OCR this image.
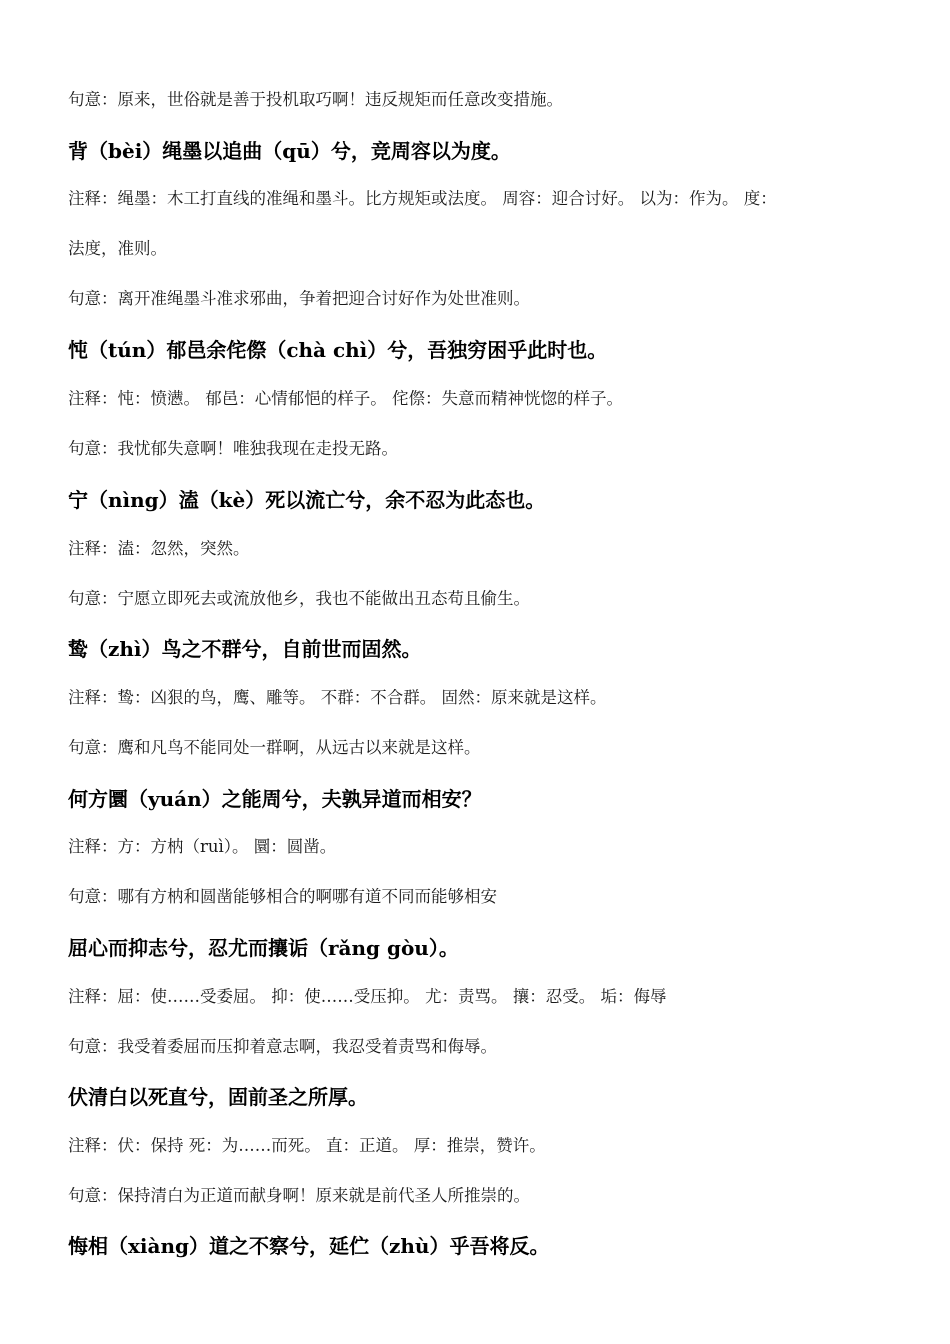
句意：原来，世俗就是善于投机取巧啊！违反规矩而任意改变措施。
背（bèi）绳墨以追曲（qū）兮，竞周容以为度。
注释：绳墨：木工打直线的准绳和墨斗。比方规矩或法度。 周容：迎合讨好。 以为：作为。 度：
法度，准则。
句意：离开准绳墨斗准求邪曲，争着把迎合讨好作为处世准则。
忳（tún）郁邑余侘傺（chà chì）兮，吾独穷困乎此时也。
注释：忳：愤懑。 郁邑：心情郁悒的样子。 侘傺：失意而精神恍惚的样子。
句意：我忧郁失意啊！唯独我现在走投无路。
宁（nìng）溘（kè）死以流亡兮，余不忍为此态也。
注释：溘：忽然，突然。
句意：宁愿立即死去或流放他乡，我也不能做出丑态苟且偷生。
鸷（zhì）鸟之不群兮，自前世而固然。
注释：鸷：凶狠的鸟，鹰、雕等。 不群：不合群。 固然：原来就是这样。
句意：鹰和凡鸟不能同处一群啊，从远古以来就是这样。
何方圜（yuán）之能周兮，夫孰异道而相安？
注释：方：方枘（ruì）。 圜：圆凿。
句意：哪有方枘和圆凿能够相合的啊哪有道不同而能够相安
屈心而抑志兮，忍尤而攘诟（rǎng gòu）。
注释：屈：使……受委屈。 抑：使……受压抑。 尤：责骂。 攘：忍受。 垢：侮辱
句意：我受着委屈而压抑着意志啊，我忍受着责骂和侮辱。
伏清白以死直兮，固前圣之所厚。
注释：伏：保持 死：为……而死。 直：正道。 厚：推崇，赞许。
句意：保持清白为正道而献身啊！原来就是前代圣人所推崇的。
悔相（xiàng）道之不察兮，延伫（zhù）乎吾将反。
